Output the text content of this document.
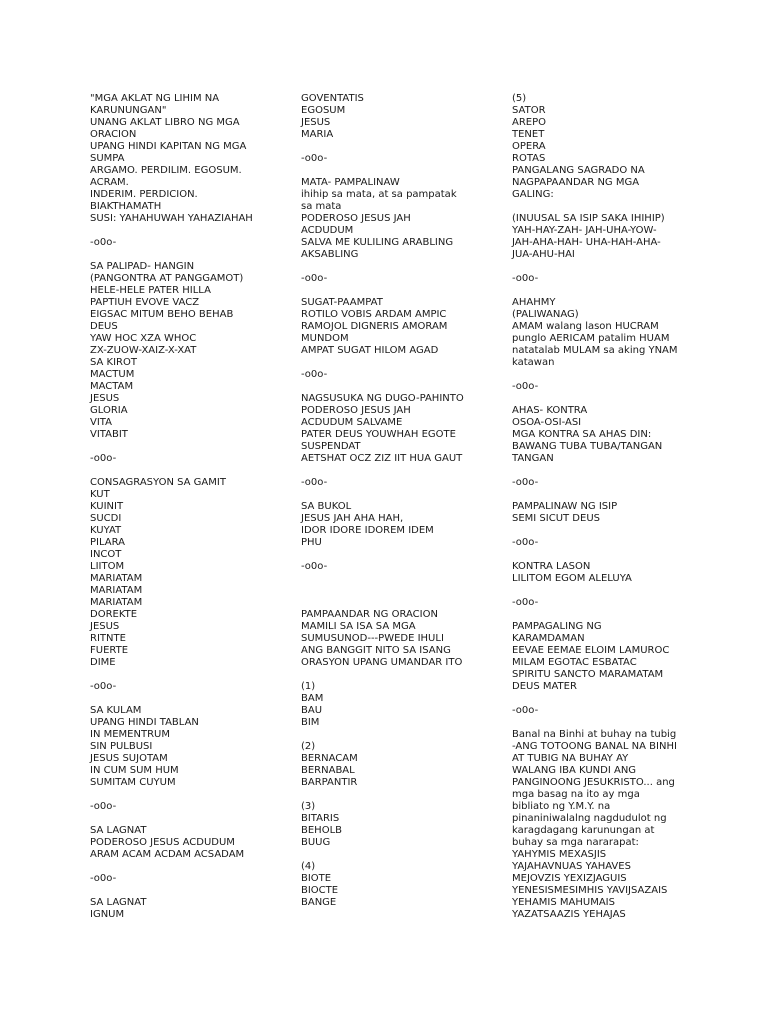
"MGA AKLAT NG LIHIM NA
KARUNUNGAN"
UNANG AKLAT LIBRO NG MGA
ORACION
UPANG HINDI KAPITAN NG MGA
SUMPA
ARGAMO. PERDILIM. EGOSUM.
ACRAM.
INDERIM. PERDICION.
BIAKTHAMATH
SUSI: YAHAHUWAH YAHAZIAHAH
-o0o-
SA PALIPAD- HANGIN
(PANGONTRA AT PANGGAMOT)
HELE-HELE PATER HILLA
PAPTIUH EVOVE VACZ
EIGSAC MITUM BEHO BEHAB
DEUS
YAW HOC XZA WHOC
ZX-ZUOW-XAIZ-X-XAT
SA KIROT
MACTUM
MACTAM
JESUS
GLORIA
VITA
VITABIT
-o0o-
CONSAGRASYON SA GAMIT
KUT
KUINIT
SUCDI
KUYAT
PILARA
INCOT
LIITOM
MARIATAM
MARIATAM
MARIATAM
DOREKTE
JESUS
RITNTE
FUERTE
DIME
-o0o-
SA KULAM
UPANG HINDI TABLAN
IN MEMENTRUM
SIN PULBUSI
JESUS SUJOTAM
IN CUM SUM HUM
SUMITAM CUYUM
-o0o-
SA LAGNAT
PODEROSO JESUS ACDUDUM
ARAM ACAM ACDAM ACSADAM
-o0o-
SA LAGNAT
IGNUM
GOVENTATIS
EGOSUM
JESUS
MARIA
-o0o-
MATA- PAMPALINAW
ihihip sa mata, at sa pampatak
sa mata
PODEROSO JESUS JAH
ACDUDUM
SALVA ME KULILING ARABLING
AKSABLING
-o0o-
SUGAT-PAAMPAT
ROTILO VOBIS ARDAM AMPIC
RAMOJOL DIGNERIS AMORAM
MUNDOM
AMPAT SUGAT HILOM AGAD
-o0o-
NAGSUSUKA NG DUGO-PAHINTO
PODEROSO JESUS JAH
ACDUDUM SALVAME
PATER DEUS YOUWHAH EGOTE
SUSPENDAT
AETSHAT OCZ ZIZ IIT HUA GAUT
-o0o-
SA BUKOL
JESUS JAH AHA HAH,
IDOR IDORE IDOREM IDEM
PHU
-o0o-
PAMPAANDAR NG ORACION
MAMILI SA ISA SA MGA
SUMUSUNOD---PWEDE IHULI
ANG BANGGIT NITO SA ISANG
ORASYON UPANG UMANDAR ITO
(1)
BAM
BAU
BIM
(2)
BERNACAM
BERNABAL
BARPANTIR
(3)
BITARIS
BEHOLB
BUUG
(4)
BIOTE
BIOCTE
BANGE
(5)
SATOR
AREPO
TENET
OPERA
ROTAS
PANGALANG SAGRADO NA
NAGPAPAANDAR NG MGA
GALING:
(INUUSAL SA ISIP SAKA IHIHIP)
YAH-HAY-ZAH- JAH-UHA-YOW-
JAH-AHA-HAH- UHA-HAH-AHA-
JUA-AHU-HAI
-o0o-
AHAHMY
(PALIWANAG)
AMAM walang lason HUCRAM
punglo AERICAM patalim HUAM
natatalab MULAM sa aking YNAM
katawan
-o0o-
AHAS- KONTRA
OSOA-OSI-ASI
MGA KONTRA SA AHAS DIN:
BAWANG TUBA TUBA/TANGAN
TANGAN
-o0o-
PAMPALINAW NG ISIP
SEMI SICUT DEUS
-o0o-
KONTRA LASON
LILITOM EGOM ALELUYA
-o0o-
PAMPAGALING NG
KARAMDAMAN
EEVAE EEMAE ELOIM LAMUROC
MILAM EGOTAC ESBATAC
SPIRITU SANCTO MARAMATAM
DEUS MATER
-o0o-
Banal na Binhi at buhay na tubig
-ANG TOTOONG BANAL NA BINHI
AT TUBIG NA BUHAY AY
WALANG IBA KUNDI ANG
PANGINOONG JESUKRISTO... ang
mga basag na ito ay mga
bibliato ng Y.M.Y. na
pinaniniwalalng nagdudulot ng
karagdagang karunungan at
buhay sa mga nararapat:
YAHYMIS MEXASJIS
YAJAHAVNUAS YAHAVES
MEJOVZIS YEXIZJAGUIS
YENESISMESIMHIS YAVIJSAZAIS
YEHAMIS MAHUMAIS
YAZATSAAZIS YEHAJAS
